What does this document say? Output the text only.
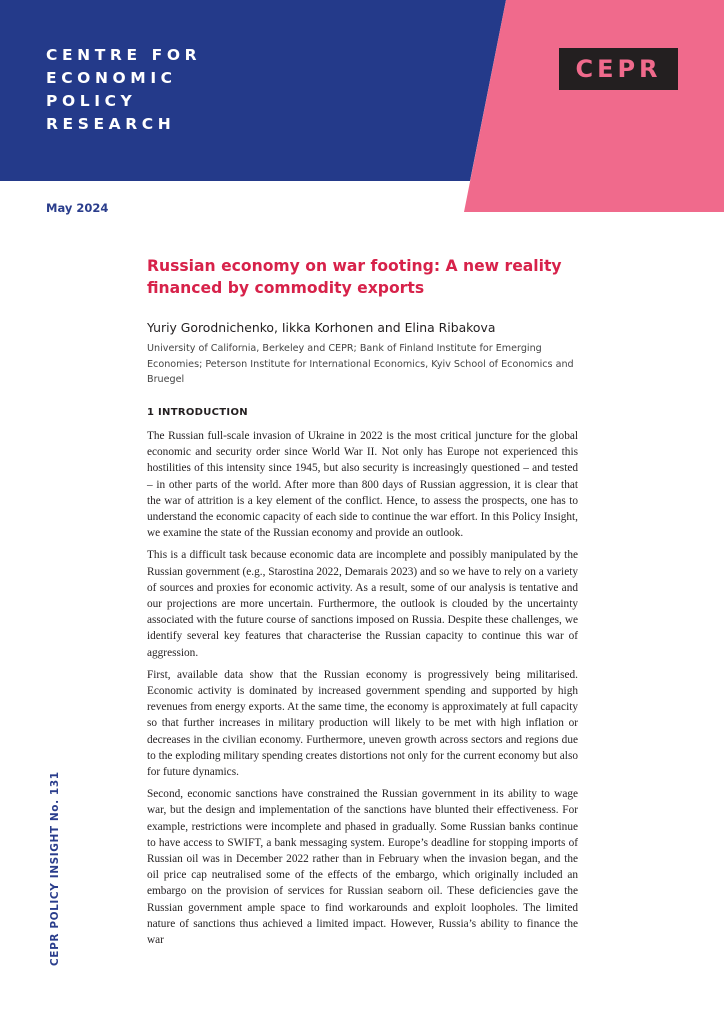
CENTRE FOR
ECONOMIC
POLICY
RESEARCH
CEPR
May 2024
Russian economy on war footing: A new reality financed by commodity exports
Yuriy Gorodnichenko, Iikka Korhonen and Elina Ribakova
University of California, Berkeley and CEPR; Bank of Finland Institute for Emerging Economies; Peterson Institute for International Economics, Kyiv School of Economics and Bruegel
1 INTRODUCTION

The Russian full-scale invasion of Ukraine in 2022 is the most critical juncture for the global economic and security order since World War II. Not only has Europe not experienced this hostilities of this intensity since 1945, but also security is increasingly questioned – and tested – in other parts of the world. After more than 800 days of Russian aggression, it is clear that the war of attrition is a key element of the conflict. Hence, to assess the prospects, one has to understand the economic capacity of each side to continue the war effort. In this Policy Insight, we examine the state of the Russian economy and provide an outlook.

This is a difficult task because economic data are incomplete and possibly manipulated by the Russian government (e.g., Starostina 2022, Demarais 2023) and so we have to rely on a variety of sources and proxies for economic activity. As a result, some of our analysis is tentative and our projections are more uncertain. Furthermore, the outlook is clouded by the uncertainty associated with the future course of sanctions imposed on Russia. Despite these challenges, we identify several key features that characterise the Russian capacity to continue this war of aggression.

First, available data show that the Russian economy is progressively being militarised. Economic activity is dominated by increased government spending and supported by high revenues from energy exports. At the same time, the economy is approximately at full capacity so that further increases in military production will likely to be met with high inflation or decreases in the civilian economy. Furthermore, uneven growth across sectors and regions due to the exploding military spending creates distortions not only for the current economy but also for future dynamics.

Second, economic sanctions have constrained the Russian government in its ability to wage war, but the design and implementation of the sanctions have blunted their effectiveness. For example, restrictions were incomplete and phased in gradually. Some Russian banks continue to have access to SWIFT, a bank messaging system. Europe’s deadline for stopping imports of Russian oil was in December 2022 rather than in February when the invasion began, and the oil price cap neutralised some of the effects of the embargo, which originally included an embargo on the provision of services for Russian seaborn oil. These deficiencies gave the Russian government ample space to find workarounds and exploit loopholes. The limited nature of sanctions thus achieved a limited impact. However, Russia’s ability to finance the war

CEPR POLICY INSIGHT No. 131
